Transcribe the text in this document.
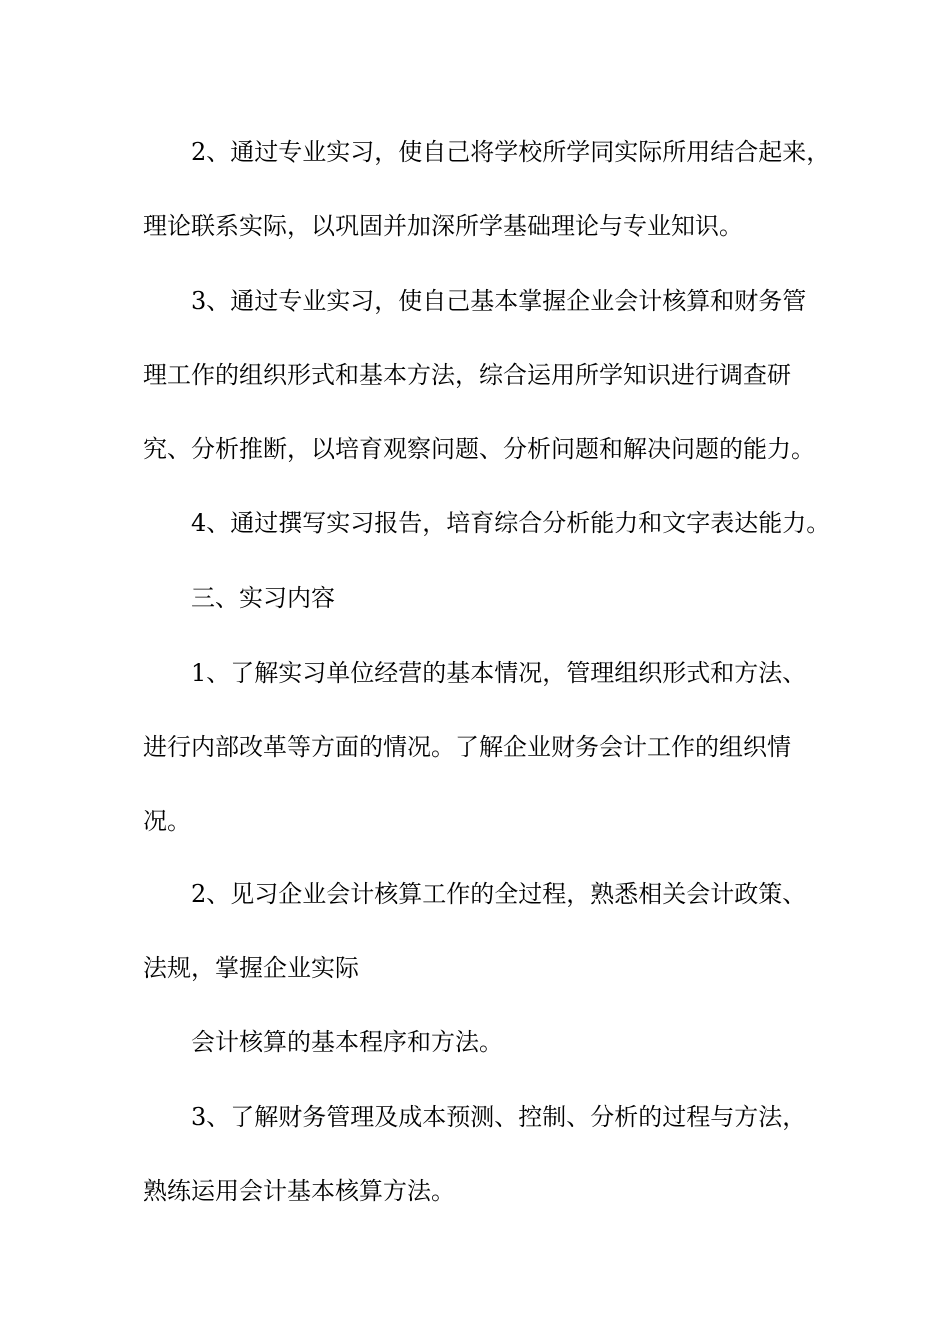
2、通过专业实习，使自己将学校所学同实际所用结合起来，
理论联系实际，以巩固并加深所学基础理论与专业知识。
3、通过专业实习，使自己基本掌握企业会计核算和财务管
理工作的组织形式和基本方法，综合运用所学知识进行调查研
究、分析推断，以培育观察问题、分析问题和解决问题的能力。
4、通过撰写实习报告，培育综合分析能力和文字表达能力。
三、实习内容
1、了解实习单位经营的基本情况，管理组织形式和方法、
进行内部改革等方面的情况。了解企业财务会计工作的组织情
况。
2、见习企业会计核算工作的全过程，熟悉相关会计政策、
法规，掌握企业实际
会计核算的基本程序和方法。
3、了解财务管理及成本预测、控制、分析的过程与方法，
熟练运用会计基本核算方法。
